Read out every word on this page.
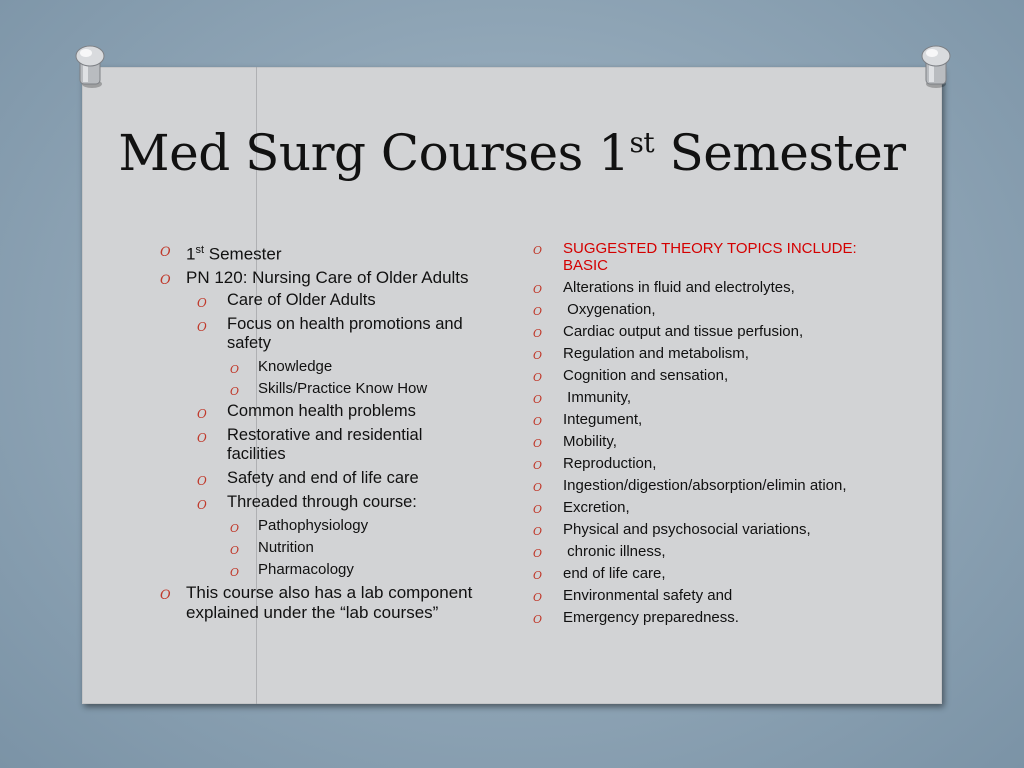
Med Surg Courses 1st Semester
O 1st Semester
O PN 120: Nursing Care of Older Adults
O Care of Older Adults
O Focus on health promotions and safety
O Knowledge
O Skills/Practice Know How
O Common health problems
O Restorative and residential facilities
O Safety and end of life care
O Threaded through course:
O Pathophysiology
O Nutrition
O Pharmacology
O This course also has a lab component explained under the “lab courses”
O SUGGESTED THEORY TOPICS INCLUDE: BASIC
O Alterations in fluid and electrolytes,
O Oxygenation,
O Cardiac output and tissue perfusion,
O Regulation and metabolism,
O Cognition and sensation,
O Immunity,
O Integument,
O Mobility,
O Reproduction,
O Ingestion/digestion/absorption/elimin ation,
O Excretion,
O Physical and psychosocial variations,
O chronic illness,
O end of life care,
O Environmental safety and
O Emergency preparedness.
